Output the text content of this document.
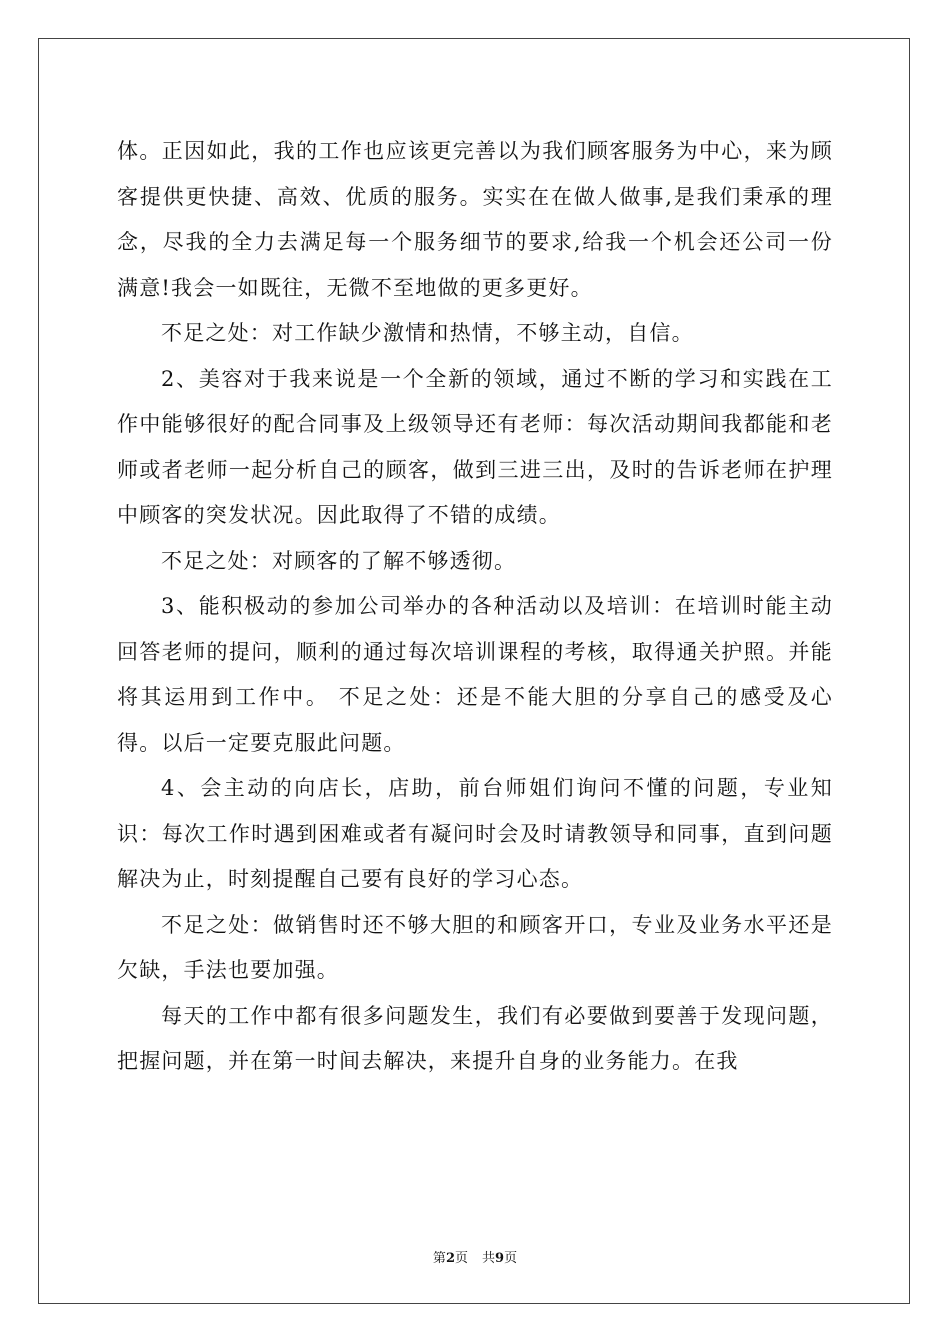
体。正因如此，我的工作也应该更完善以为我们顾客服务为中心，来为顾客提供更快捷、高效、优质的服务。实实在在做人做事,是我们秉承的理念，尽我的全力去满足每一个服务细节的要求,给我一个机会还公司一份满意!我会一如既往，无微不至地做的更多更好。

不足之处：对工作缺少激情和热情，不够主动，自信。

2、美容对于我来说是一个全新的领域，通过不断的学习和实践在工作中能够很好的配合同事及上级领导还有老师：每次活动期间我都能和老师或者老师一起分析自己的顾客，做到三进三出，及时的告诉老师在护理中顾客的突发状况。因此取得了不错的成绩。

不足之处：对顾客的了解不够透彻。

3、能积极动的参加公司举办的各种活动以及培训：在培训时能主动回答老师的提问，顺利的通过每次培训课程的考核，取得通关护照。并能将其运用到工作中。 不足之处：还是不能大胆的分享自己的感受及心得。以后一定要克服此问题。

4、会主动的向店长，店助，前台师姐们询问不懂的问题，专业知识：每次工作时遇到困难或者有凝问时会及时请教领导和同事，直到问题解决为止，时刻提醒自己要有良好的学习心态。

不足之处：做销售时还不够大胆的和顾客开口，专业及业务水平还是欠缺，手法也要加强。

每天的工作中都有很多问题发生，我们有必要做到要善于发现问题，把握问题，并在第一时间去解决，来提升自身的业务能力。在我

第2页 共9页
